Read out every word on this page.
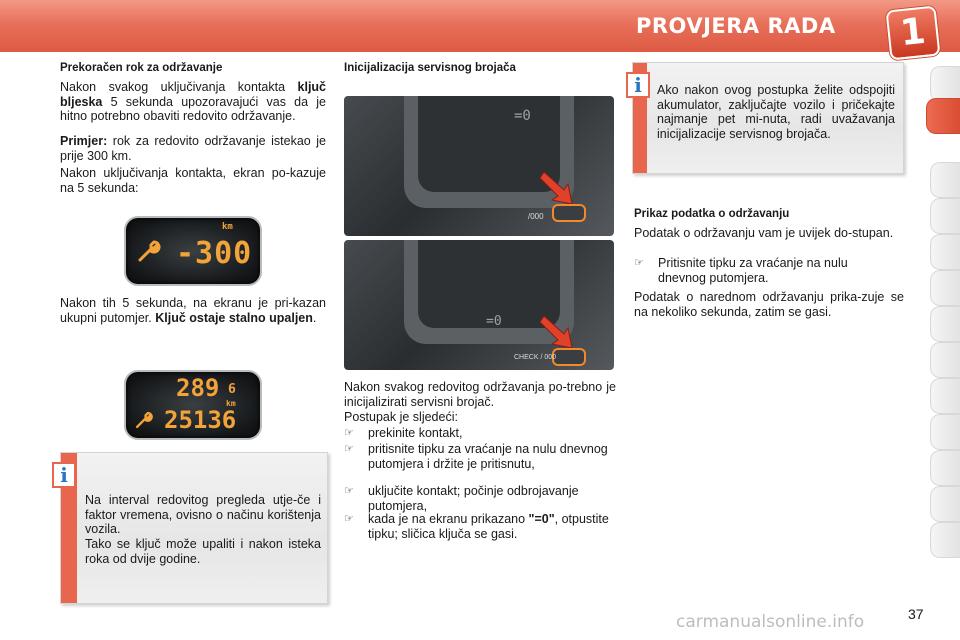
PROVJERA RADA 1
Prekoračen rok za održavanje
Nakon svakog uključivanja kontakta ključ bljeska 5 sekunda upozoravajući vas da je hitno potrebno obaviti redovito održavanje.
Primjer: rok za redovito održavanje istekao je prije 300 km.
Nakon uključivanja kontakta, ekran po-kazuje na 5 sekunda:
km
-300
Nakon tih 5 sekunda, na ekranu je pri-kazan ukupni putomjer. Ključ ostaje stalno upaljen.
289 6
km
25136
Na interval redovitog pregleda utje-če i faktor vremena, ovisno o načinu korištenja vozila.
Tako se ključ može upaliti i nakon isteka roka od dvije godine.
i
Inicijalizacija servisnog brojača
=0
/000
=0
CHECK / 000
Nakon svakog redovitog održavanja po-trebno je inicijalizirati servisni brojač.
Postupak je sljedeći:
☞ prekinite kontakt,
☞ pritisnite tipku za vraćanje na nulu dnevnog putomjera i držite je pritisnutu,
☞ uključite kontakt; počinje odbrojavanje putomjera,
☞ kada je na ekranu prikazano "=0", otpustite tipku; sličica ključa se gasi.
Ako nakon ovog postupka želite odspojiti akumulator, zaključajte vozilo i pričekajte najmanje pet mi-nuta, radi uvažavanja inicijalizacije servisnog brojača.
i
Prikaz podatka o održavanju
Podatak o održavanju vam je uvijek do-stupan.
☞ Pritisnite tipku za vraćanje na nulu dnevnog putomjera.
Podatak o narednom održavanju prika-zuje se na nekoliko sekunda, zatim se gasi.
carmanualsonline.info	37
